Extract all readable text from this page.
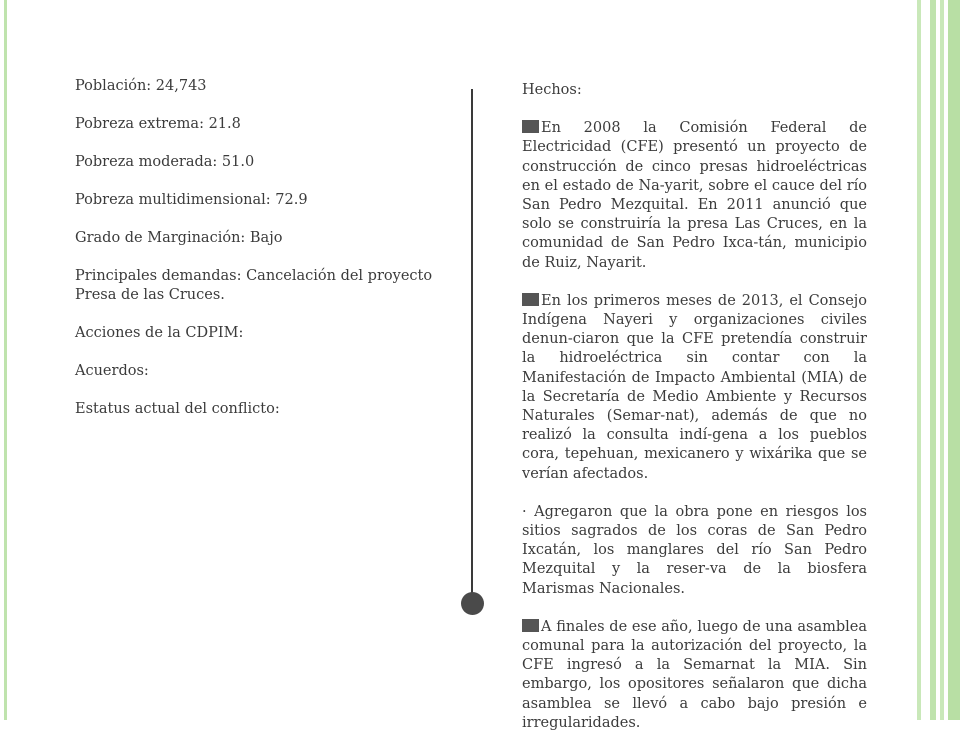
Población: 24,743

Pobreza extrema: 21.8

Pobreza moderada: 51.0

Pobreza multidimensional: 72.9

Grado de Marginación: Bajo

Principales demandas: Cancelación del proyecto Presa de las Cruces.

Acciones de la CDPIM:

Acuerdos:

Estatus actual del conflicto:

Hechos:

En 2008 la Comisión Federal de Electricidad (CFE) presentó un proyecto de construcción de cinco presas hidroeléctricas en el estado de Na-yarit, sobre el cauce del río San Pedro Mezquital. En 2011 anunció que solo se construiría la presa Las Cruces, en la comunidad de San Pedro Ixca-tán, municipio de Ruiz, Nayarit.

En los primeros meses de 2013, el Consejo Indígena Nayeri y organizaciones civiles denun-ciaron que la CFE pretendía construir la hidroeléctrica sin contar con la Manifestación de Impacto Ambiental (MIA) de la Secretaría de Medio Ambiente y Recursos Naturales (Semar-nat), además de que no realizó la consulta indí-gena a los pueblos cora, tepehuan, mexicanero y wixárika que se verían afectados.

· Agregaron que la obra pone en riesgos los sitios sagrados de los coras de San Pedro Ixcatán, los manglares del río San Pedro Mezquital y la reser-va de la biosfera Marismas Nacionales.

A finales de ese año, luego de una asamblea comunal para la autorización del proyecto, la CFE ingresó a la Semarnat la MIA. Sin embargo, los opositores señalaron que dicha asamblea se llevó a cabo bajo presión e irregularidades.
